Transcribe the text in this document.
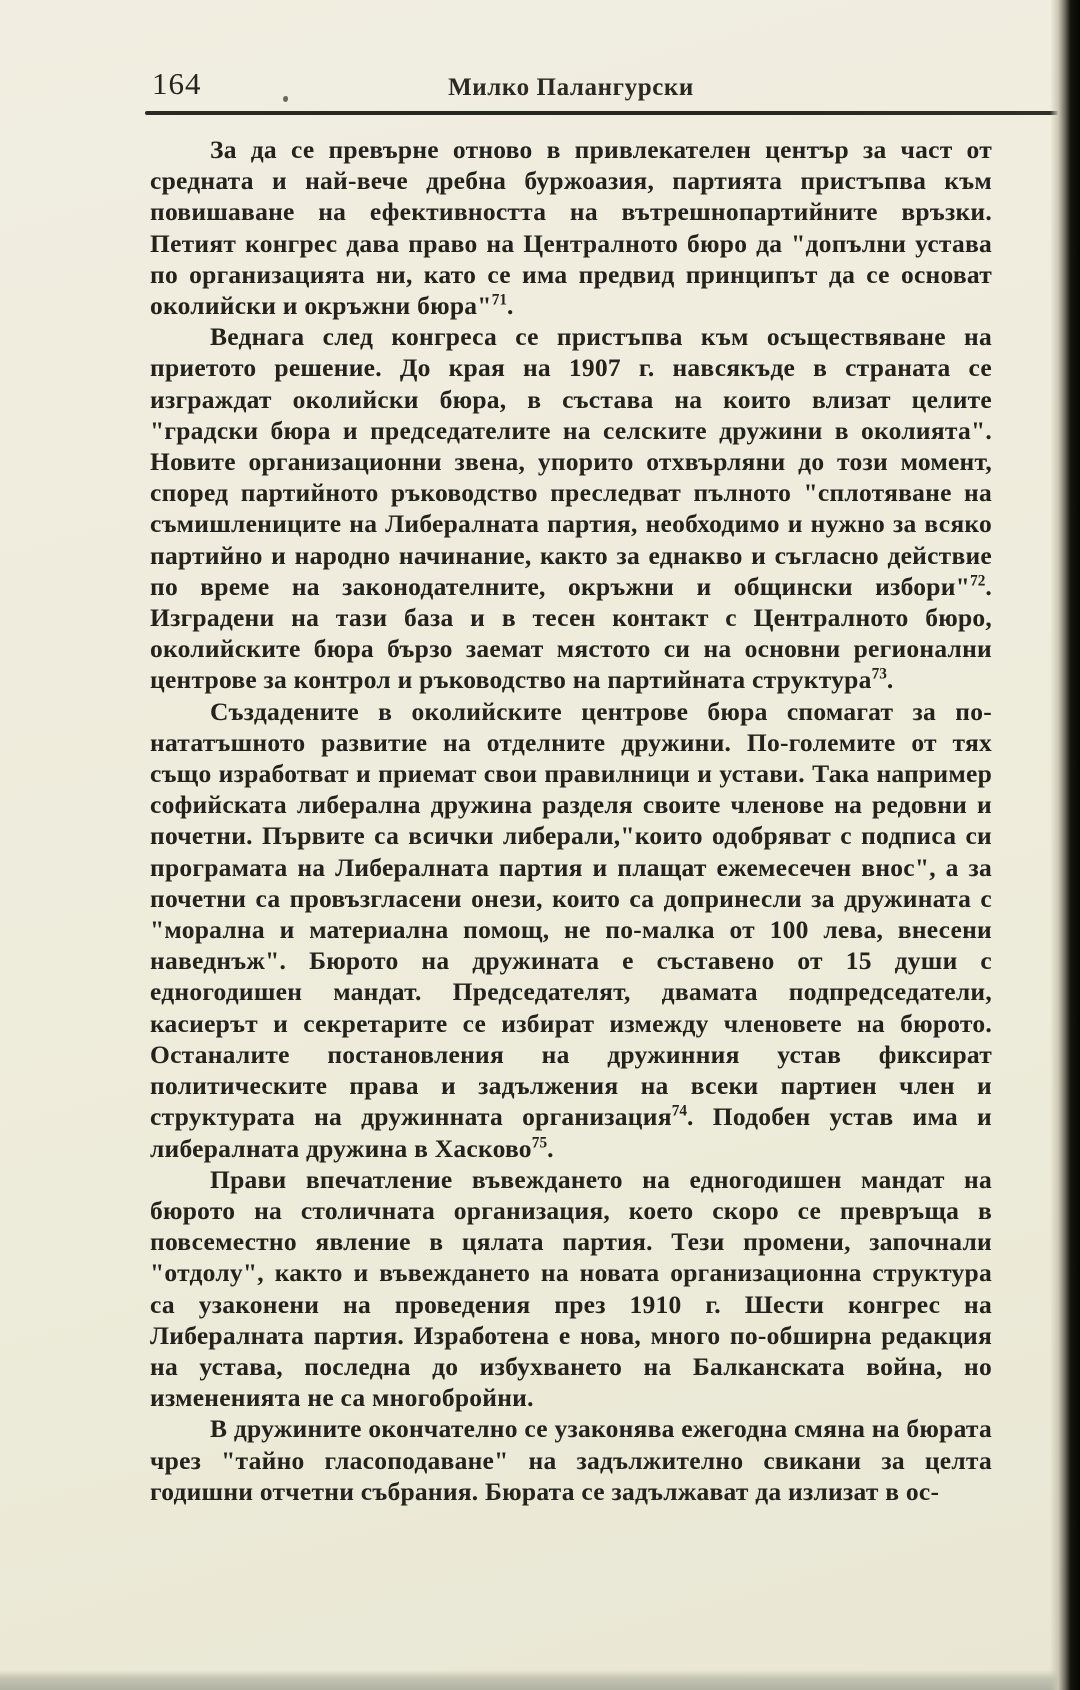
164	Милко Палангурски

За да се превърне отново в привлекателен център за част от средната и най-вече дребна буржоазия, партията пристъпва към повишаване на ефективността на вътрешнопартийните връзки. Петият конгрес дава право на Централното бюро да "допълни устава по организацията ни, като се има предвид принципът да се основат околийски и окръжни бюра"$^{71}$.

Веднага след конгреса се пристъпва към осъществяване на приетото решение. До края на 1907 г. навсякъде в страната се изграждат околийски бюра, в състава на които влизат целите "градски бюра и председателите на селските дружини в околията". Новите организационни звена, упорито отхвърляни до този момент, според партийното ръководство преследват пълното "сплотяване на съмишлениците на Либералната партия, необходимо и нужно за всяко партийно и народно начинание, както за еднакво и съгласно действие по време на законодателните, окръжни и общински избори"$^{72}$. Изградени на тази база и в тесен контакт с Централното бюро, околийските бюра бързо заемат мястото си на основни регионални центрове за контрол и ръководство на партийната структура$^{73}$.

Създадените в околийските центрове бюра спомагат за по-нататъшното развитие на отделните дружини. По-големите от тях също изработват и приемат свои правилници и устави. Така например софийската либерална дружина разделя своите членове на редовни и почетни. Първите са всички либерали,"които одобряват с подписа си програмата на Либералната партия и плащат ежемесечен внос", а за почетни са провъзгласени онези, които са допринесли за дружината с "морална и материална помощ, не по-малка от 100 лева, внесени наведнъж". Бюрото на дружината е съставено от 15 души с едногодишен мандат. Председателят, двамата подпредседатели, касиерът и секретарите се избират измежду членовете на бюрото. Останалите постановления на дружинния устав фиксират политическите права и задължения на всеки партиен член и структурата на дружинната организация$^{74}$. Подобен устав има и либералната дружина в Хасково$^{75}$.

Прави впечатление въвеждането на едногодишен мандат на бюрото на столичната организация, което скоро се превръща в повсеместно явление в цялата партия. Тези промени, започнали "отдолу", както и въвеждането на новата организационна структура са узаконени на проведения през 1910 г. Шести конгрес на Либералната партия. Изработена е нова, много по-обширна редакция на устава, последна до избухването на Балканската война, но измененията не са многобройни.

В дружините окончателно се узаконява ежегодна смяна на бюрата чрез "тайно гласоподаване" на задължително свикани за целта годишни отчетни събрания. Бюрата се задължават да излизат в ос-
